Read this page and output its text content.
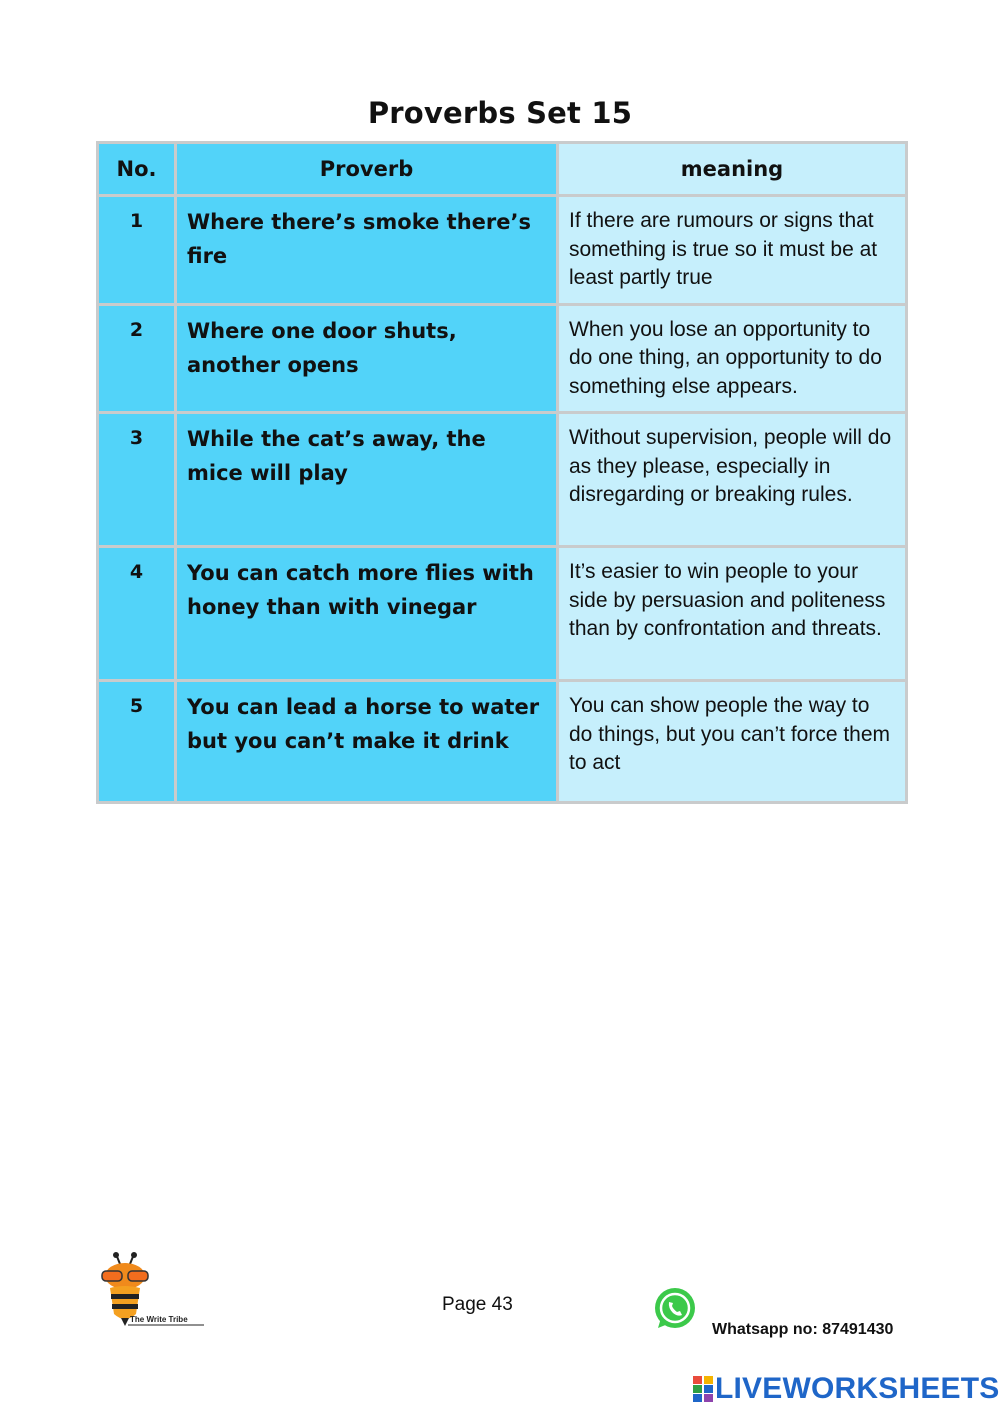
Proverbs Set 15
No.	Proverb	meaning
1	Where there’s smoke there’s fire	If there are rumours or signs that something is true so it must be at least partly true
2	Where one door shuts, another opens	When you lose an opportunity to do one thing, an opportunity to do something else appears.
3	While the cat’s away, the mice will play	Without supervision, people will do as they please, especially in disregarding or breaking rules.
4	You can catch more flies with honey than with vinegar	It’s easier to win people to your side by persuasion and politeness than by confrontation and threats.
5	You can lead a horse to water but you can’t make it drink	You can show people the way to do things, but you can’t force them to act
The Write Tribe
Page 43
Whatsapp no: 87491430
LIVEWORKSHEETS
